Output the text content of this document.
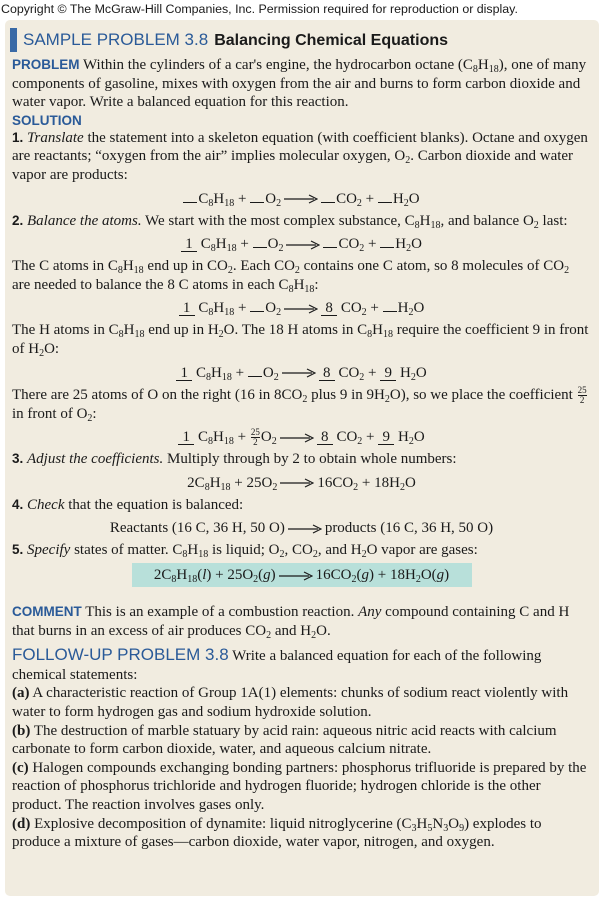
Copyright © The McGraw-Hill Companies, Inc. Permission required for reproduction or display.
SAMPLE PROBLEM 3.8 Balancing Chemical Equations

PROBLEM Within the cylinders of a car's engine, the hydrocarbon octane $(C_8H_{18})$, one of many components of gasoline, mixes with oxygen from the air and burns to form carbon dioxide and water vapor. Write a balanced equation for this reaction.

SOLUTION

1. Translate the statement into a skeleton equation (with coefficient blanks). Octane and oxygen are reactants; “oxygen from the air” implies molecular oxygen, $O_2$. Carbon dioxide and water vapor are products:

$C_8H_{18} + O_2 \to CO_2 + H_2O$

2. Balance the atoms. We start with the most complex substance, $C_8H_{18}$, and balance $O_2$ last:

1 $C_8H_{18} + O_2 \to CO_2 + H_2O$

The C atoms in $C_8H_{18}$ end up in $CO_2$. Each $CO_2$ contains one C atom, so 8 molecules of $CO_2$ are needed to balance the 8 C atoms in each $C_8H_{18}$:

1 $C_8H_{18} + O_2 \to 8$ $CO_2 + H_2O$

The H atoms in $C_8H_{18}$ end up in $H_2O$. The 18 H atoms in $C_8H_{18}$ require the coefficient 9 in front of $H_2O$:

1 $C_8H_{18} + O_2 \to 8$ $CO_2 + 9$ $H_2O$

There are 25 atoms of O on the right (16 in $8CO_2$ plus 9 in $9H_2O$), so we place the coefficient $\frac{25}{2}$
in front of $O_2$:

1 $C_8H_{18} + \frac{25}{2} O_2 \to 8$ $CO_2 + 9$ $H_2O$

3. Adjust the coefficients. Multiply through by 2 to obtain whole numbers:

$2C_8H_{18} + 25O_2 \to 16CO_2 + 18H_2O$

4. Check that the equation is balanced:

Reactants (16 C, 36 H, 50 O) → products (16 C, 36 H, 50 O)

5. Specify states of matter. $C_8H_{18}$ is liquid; $O_2$, $CO_2$, and $H_2O$ vapor are gases:

$2C_8H_{18}(l) + 25O_2(g) \to 16CO_2(g) + 18H_2O(g)$

COMMENT This is an example of a combustion reaction. Any compound containing C and H that burns in an excess of air produces $CO_2$ and $H_2O$.

FOLLOW-UP PROBLEM 3.8 Write a balanced equation for each of the following chemical statements:

(a) A characteristic reaction of Group 1A(1) elements: chunks of sodium react violently with water to form hydrogen gas and sodium hydroxide solution.

(b) The destruction of marble statuary by acid rain: aqueous nitric acid reacts with calcium carbonate to form carbon dioxide, water, and aqueous calcium nitrate.

(c) Halogen compounds exchanging bonding partners: phosphorus trifluoride is prepared by the reaction of phosphorus trichloride and hydrogen fluoride; hydrogen chloride is the other product. The reaction involves gases only.

(d) Explosive decomposition of dynamite: liquid nitroglycerine $(C_3H_5N_3O_9)$ explodes to produce a mixture of gases—carbon dioxide, water vapor, nitrogen, and oxygen.
